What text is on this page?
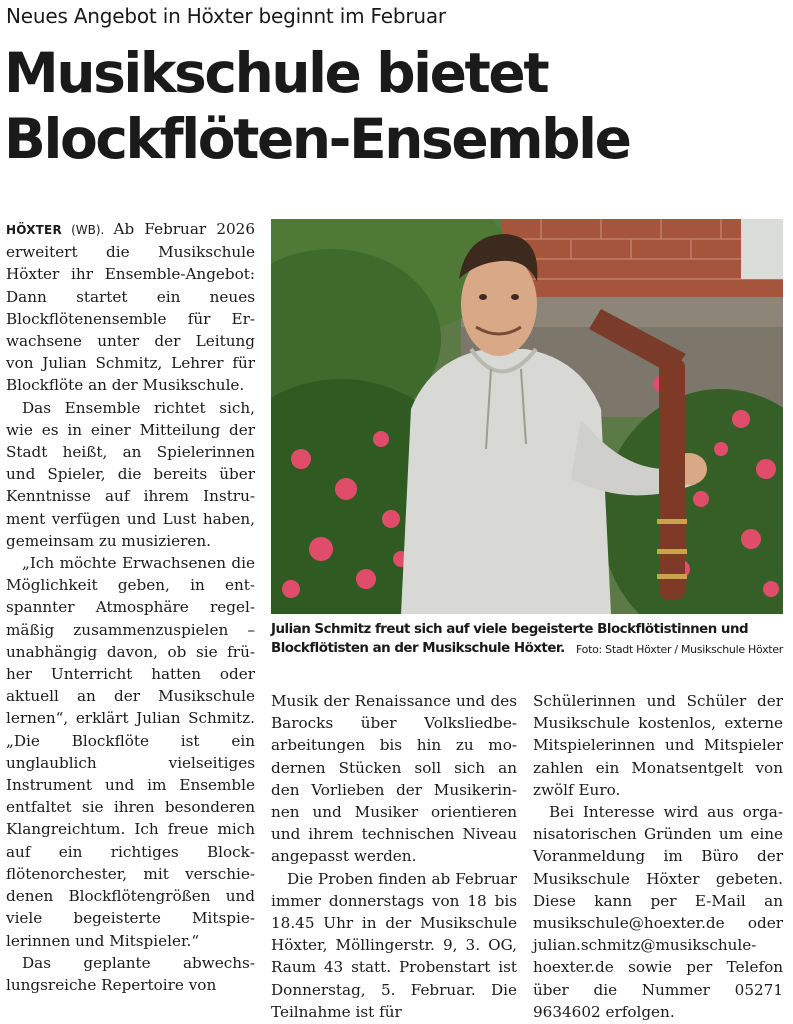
Neues Angebot in Höxter beginnt im Februar
Musikschule bietet
Blockflöten-Ensemble

HÖXTER (WB). Ab Februar 2026 erweitert die Musikschule Höxter ihr Ensemble-Angebot: Dann startet ein neues Blockflötenensemble für Erwachsene unter der Leitung von Julian Schmitz, Lehrer für Blockflöte an der Musikschule.

Das Ensemble richtet sich, wie es in einer Mitteilung der Stadt heißt, an Spielerinnen und Spieler, die bereits über Kenntnisse auf ihrem Instrument verfügen und Lust haben, gemeinsam zu musizieren.

„Ich möchte Erwachsenen die Möglichkeit geben, in entspannter Atmosphäre regelmäßig zusammenzuspielen – unabhängig davon, ob sie früher Unterricht hatten oder aktuell an der Musikschule lernen“, erklärt Julian Schmitz. „Die Blockflöte ist ein unglaublich vielseitiges Instrument und im Ensemble entfaltet sie ihren besonderen Klangreichtum. Ich freue mich auf ein richtiges Blockflötenorchester, mit verschiedenen Blockflötengrößen und viele begeisterte Mitspielerinnen und Mitspieler.“

Das geplante abwechslungsreiche Repertoire von

Julian Schmitz freut sich auf viele begeisterte Blockflötistinnen und Blockflötisten an der Musikschule Höxter. Foto: Stadt Höxter / Musikschule Höxter

Musik der Renaissance und des Barocks über Volksliedbearbeitungen bis hin zu modernen Stücken soll sich an den Vorlieben der Musikerinnen und Musiker orientieren und ihrem technischen Niveau angepasst werden.

Die Proben finden ab Februar immer donnerstags von 18 bis 18.45 Uhr in der Musikschule Höxter, Möllingerstr. 9, 3. OG, Raum 43 statt. Probenstart ist Donnerstag, 5. Februar. Die Teilnahme ist für

Schülerinnen und Schüler der Musikschule kostenlos, externe Mitspielerinnen und Mitspieler zahlen ein Monatsentgelt von zwölf Euro.

Bei Interesse wird aus organisatorischen Gründen um eine Voranmeldung im Büro der Musikschule Höxter gebeten. Diese kann per E-Mail an musikschule@hoexter.de oder julian.schmitz@musikschule-hoexter.de sowie per Telefon über die Nummer 05271 9634602 erfolgen.
